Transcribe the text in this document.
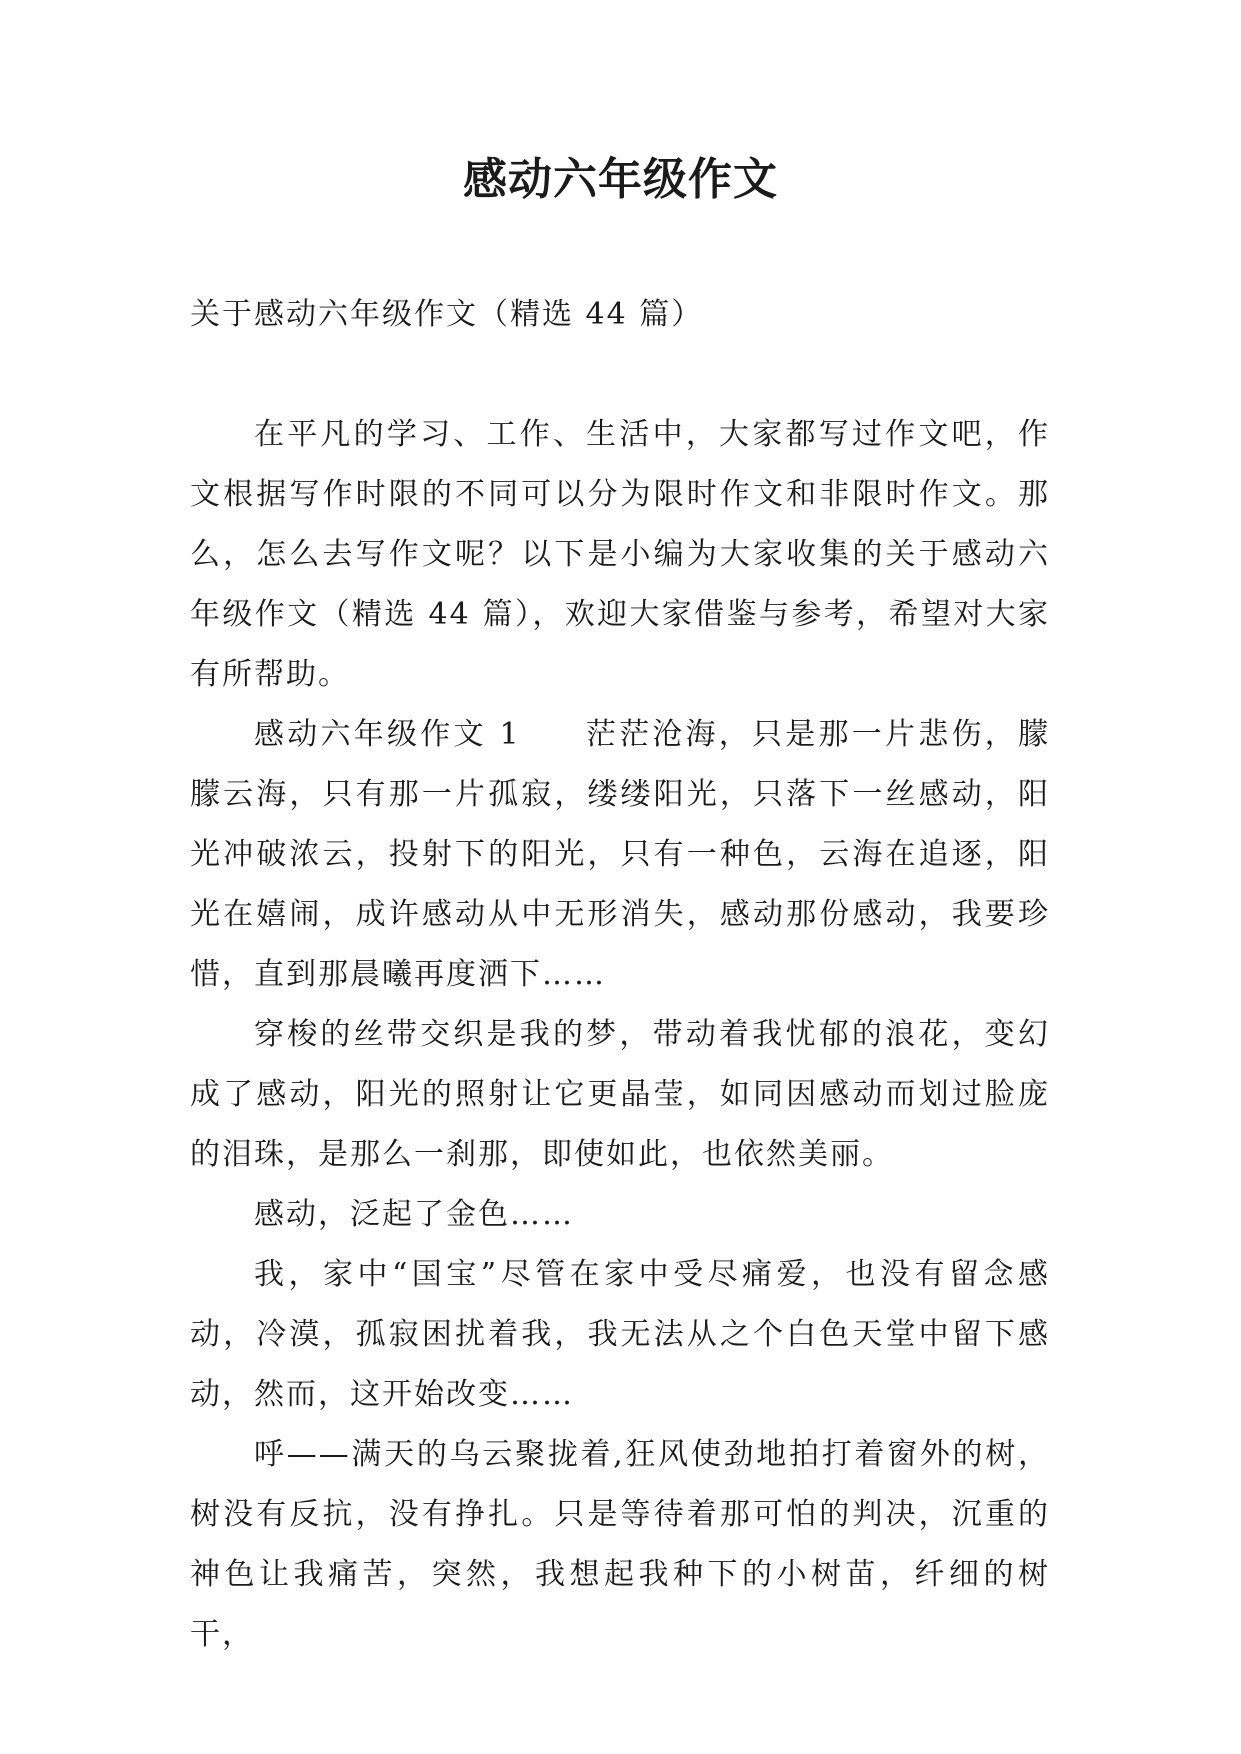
感动六年级作文

关于感动六年级作文（精选 44 篇）

在平凡的学习、工作、生活中，大家都写过作文吧，作文根据写作时限的不同可以分为限时作文和非限时作文。那么，怎么去写作文呢？以下是小编为大家收集的关于感动六年级作文（精选 44 篇），欢迎大家借鉴与参考，希望对大家有所帮助。

感动六年级作文 1 茫茫沧海，只是那一片悲伤，朦朦云海，只有那一片孤寂，缕缕阳光，只落下一丝感动，阳光冲破浓云，投射下的阳光，只有一种色，云海在追逐，阳光在嬉闹，成许感动从中无形消失，感动那份感动，我要珍惜，直到那晨曦再度洒下……

穿梭的丝带交织是我的梦，带动着我忧郁的浪花，变幻成了感动，阳光的照射让它更晶莹，如同因感动而划过脸庞的泪珠，是那么一刹那，即使如此，也依然美丽。

感动，泛起了金色……

我，家中“国宝”尽管在家中受尽痛爱，也没有留念感动，冷漠，孤寂困扰着我，我无法从之个白色天堂中留下感动，然而，这开始改变……

呼——满天的乌云聚拢着,狂风使劲地拍打着窗外的树，树没有反抗，没有挣扎。只是等待着那可怕的判决，沉重的神色让我痛苦，突然，我想起我种下的小树苗，纤细的树干，
